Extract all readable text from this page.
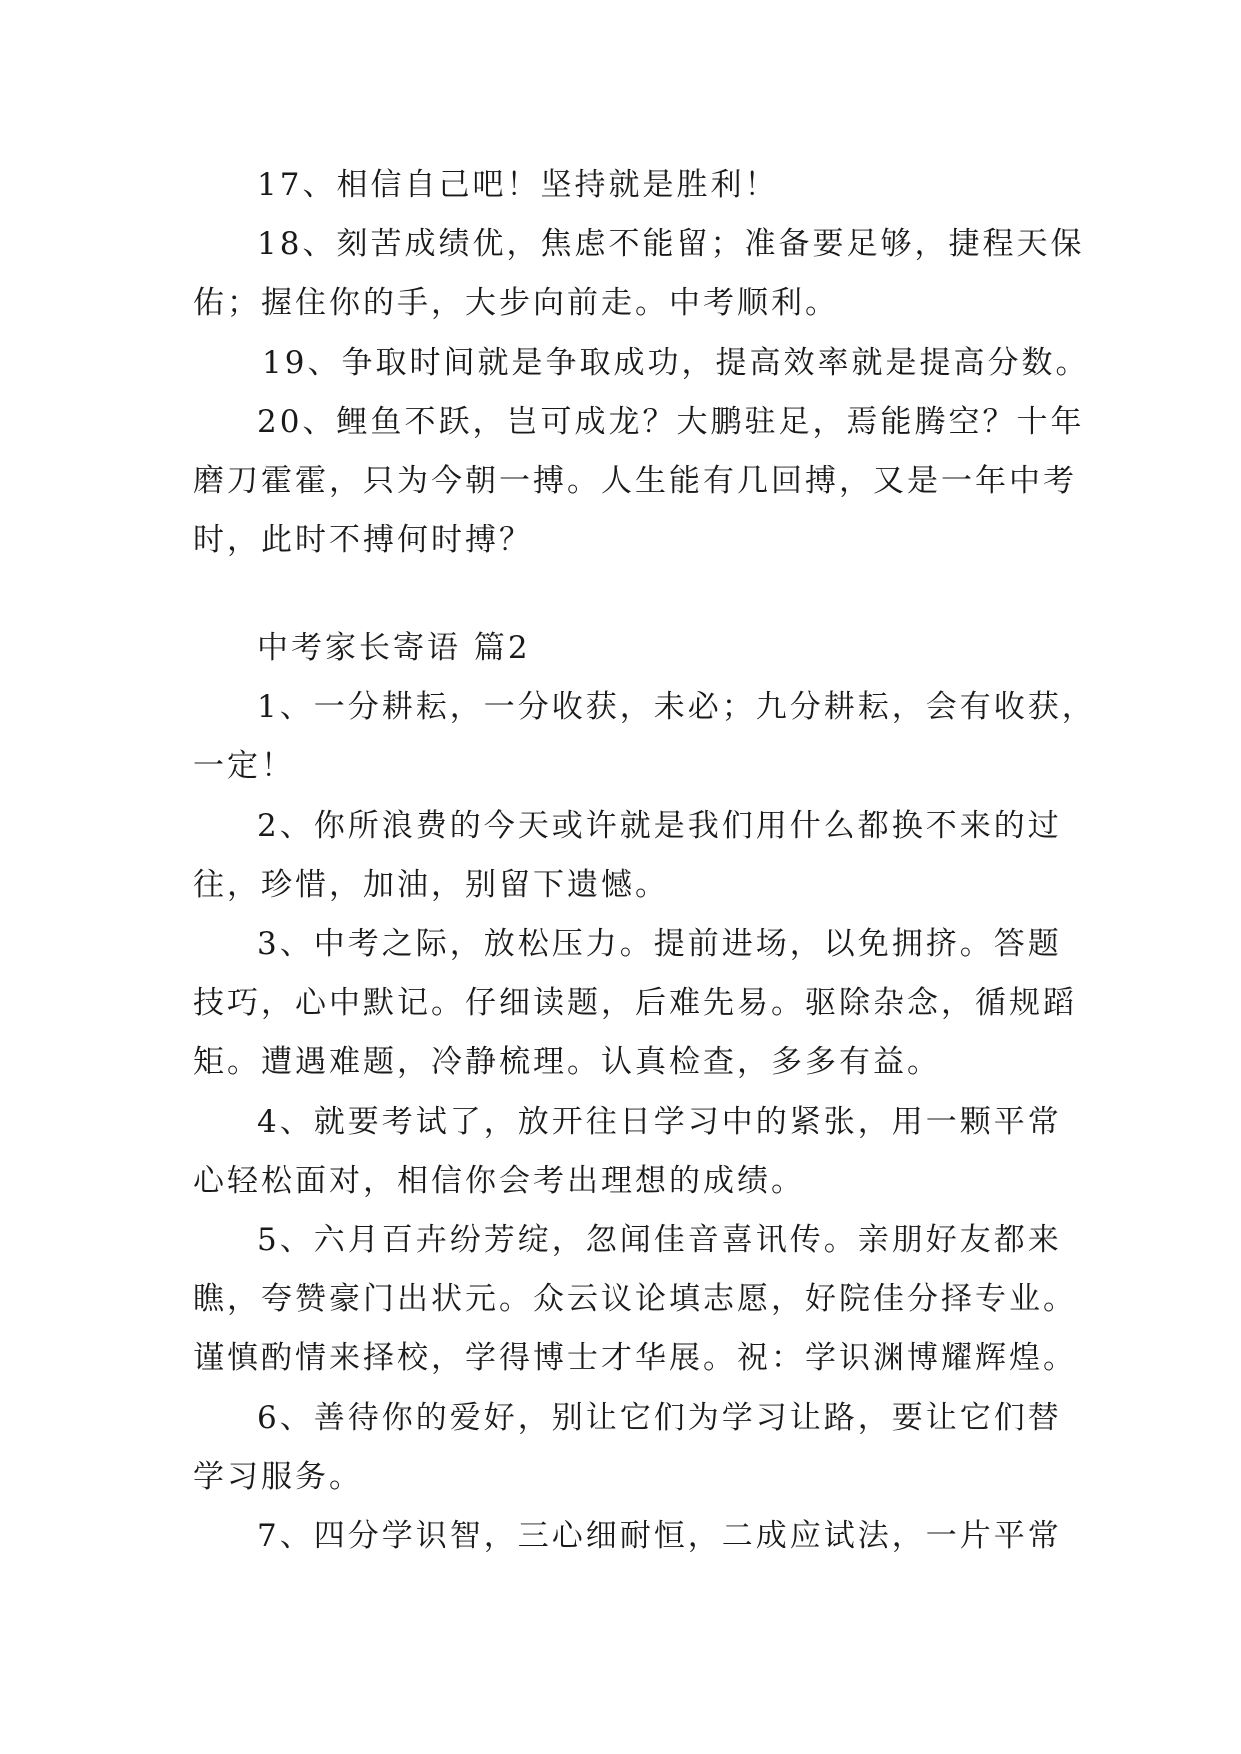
17、相信自己吧！坚持就是胜利！
18、刻苦成绩优，焦虑不能留；准备要足够，捷程天保
佑；握住你的手，大步向前走。中考顺利。
19、争取时间就是争取成功，提高效率就是提高分数。
20、鲤鱼不跃，岂可成龙？大鹏驻足，焉能腾空？十年
磨刀霍霍，只为今朝一搏。人生能有几回搏，又是一年中考
时，此时不搏何时搏？
中考家长寄语 篇2
1、一分耕耘，一分收获，未必；九分耕耘，会有收获，
一定！
2、你所浪费的今天或许就是我们用什么都换不来的过
往，珍惜，加油，别留下遗憾。
3、中考之际，放松压力。提前进场，以免拥挤。答题
技巧，心中默记。仔细读题，后难先易。驱除杂念，循规蹈
矩。遭遇难题，冷静梳理。认真检查，多多有益。
4、就要考试了，放开往日学习中的紧张，用一颗平常
心轻松面对，相信你会考出理想的成绩。
5、六月百卉纷芳绽，忽闻佳音喜讯传。亲朋好友都来
瞧，夸赞豪门出状元。众云议论填志愿，好院佳分择专业。
谨慎酌情来择校，学得博士才华展。祝：学识渊博耀辉煌。
6、善待你的爱好，别让它们为学习让路，要让它们替
学习服务。
7、四分学识智，三心细耐恒，二成应试法，一片平常
